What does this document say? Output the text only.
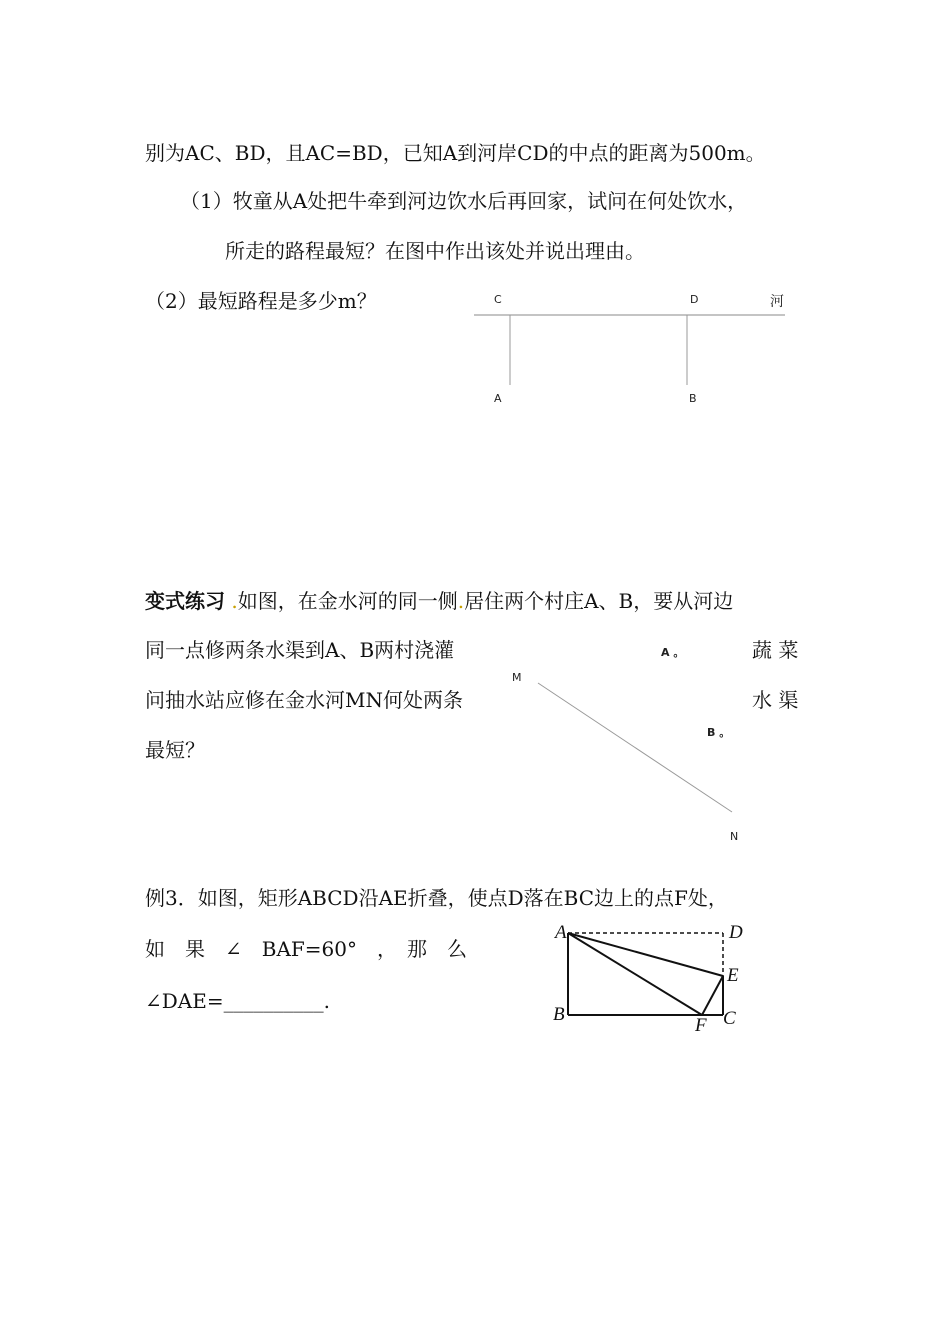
别为AC、BD，且AC=BD，已知A到河岸CD的中点的距离为500m。
（1）牧童从A处把牛牵到河边饮水后再回家，试问在何处饮水，
所走的路程最短？在图中作出该处并说出理由。
（2）最短路程是多少m？	C	D	河
A	B
变式练习 .如图，在金水河的同一侧.居住两个村庄A、B，要从河边
同一点修两条水渠到A、B两村浇灌	蔬 菜
问抽水站应修在金水河MN何处两条	水 渠
最短？
M
A 。
B 。
N
例3．如图，矩形ABCD沿AE折叠，使点D落在BC边上的点F处，
如　果　∠　BAF=60°　，　那　么
∠DAE=__________.
A	D
E
B
F C
